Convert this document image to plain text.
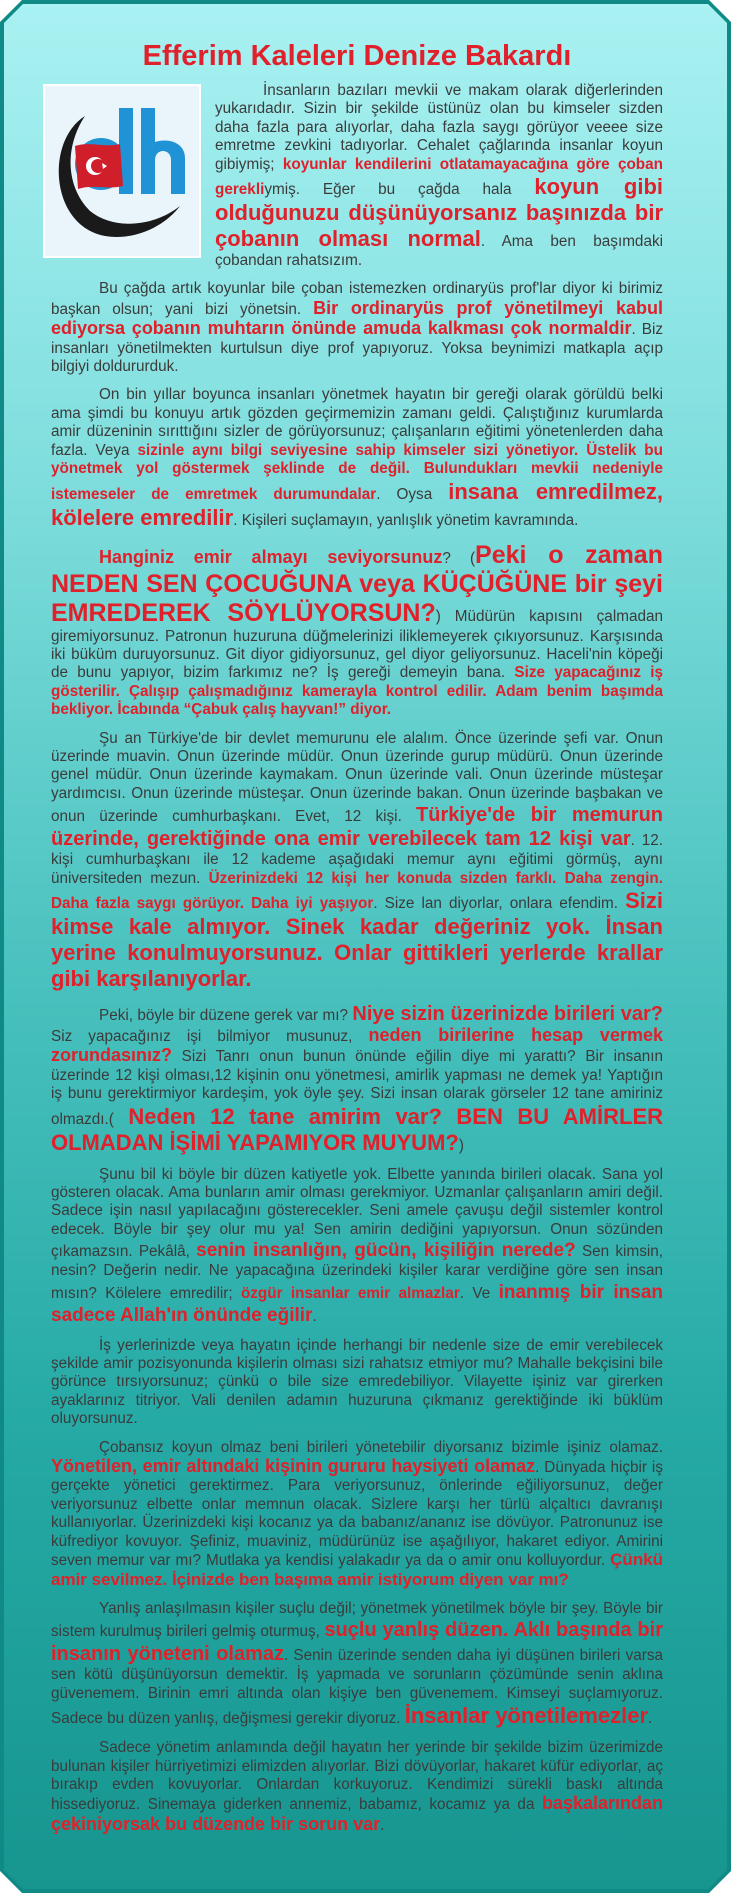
Efferim Kaleleri Denize Bakardı

İnsanların bazıları mevkii ve makam olarak diğerlerinden yukarıdadır. Sizin bir şekilde üstünüz olan bu kimseler sizden daha fazla para alıyorlar, daha fazla saygı görüyor veeee size emretme zevkini tadıyorlar. Cehalet çağlarında insanlar koyun gibiymiş; koyunlar kendilerini otlatamayacağına göre çoban gerekliymiş. Eğer bu çağda hala koyun gibi olduğunuzu düşünüyorsanız başınızda bir çobanın olması normal. Ama ben başımdaki çobandan rahatsızım.

Bu çağda artık koyunlar bile çoban istemezken ordinaryüs prof'lar diyor ki birimiz başkan olsun; yani bizi yönetsin. Bir ordinaryüs prof yönetilmeyi kabul ediyorsa çobanın muhtarın önünde amuda kalkması çok normaldir. Biz insanları yönetilmekten kurtulsun diye prof yapıyoruz. Yoksa beynimizi matkapla açıp bilgiyi doldururduk.

On bin yıllar boyunca insanları yönetmek hayatın bir gereği olarak görüldü belki ama şimdi bu konuyu artık gözden geçirmemizin zamanı geldi. Çalıştığınız kurumlarda amir düzeninin sırıttığını sizler de görüyorsunuz; çalışanların eğitimi yönetenlerden daha fazla. Veya sizinle aynı bilgi seviyesine sahip kimseler sizi yönetiyor. Üstelik bu yönetmek yol göstermek şeklinde de değil. Bulundukları mevkii nedeniyle istemeseler de emretmek durumundalar. Oysa insana emredilmez, kölelere emredilir. Kişileri suçlamayın, yanlışlık yönetim kavramında.

Hanginiz emir almayı seviyorsunuz? (Peki o zaman NEDEN SEN ÇOCUĞUNA veya KÜÇÜĞÜNE bir şeyi EMREDEREK SÖYLÜYORSUN?) Müdürün kapısını çalmadan giremiyorsunuz. Patronun huzuruna düğmelerinizi iliklemeyerek çıkıyorsunuz. Karşısında iki büküm duruyorsunuz. Git diyor gidiyorsunuz, gel diyor geliyorsunuz. Haceli'nin köpeği de bunu yapıyor, bizim farkımız ne? İş gereği demeyin bana. Size yapacağınız iş gösterilir. Çalışıp çalışmadığınız kamerayla kontrol edilir. Adam benim başımda bekliyor. İcabında “Çabuk çalış hayvan!” diyor.

Şu an Türkiye'de bir devlet memurunu ele alalım. Önce üzerinde şefi var. Onun üzerinde muavin. Onun üzerinde müdür. Onun üzerinde gurup müdürü. Onun üzerinde genel müdür. Onun üzerinde kaymakam. Onun üzerinde vali. Onun üzerinde müsteşar yardımcısı. Onun üzerinde müsteşar. Onun üzerinde bakan. Onun üzerinde başbakan ve onun üzerinde cumhurbaşkanı. Evet, 12 kişi. Türkiye'de bir memurun üzerinde, gerektiğinde ona emir verebilecek tam 12 kişi var. 12. kişi cumhurbaşkanı ile 12 kademe aşağıdaki memur aynı eğitimi görmüş, aynı üniversiteden mezun. Üzerinizdeki 12 kişi her konuda sizden farklı. Daha zengin. Daha fazla saygı görüyor. Daha iyi yaşıyor. Size lan diyorlar, onlara efendim. Sizi kimse kale almıyor. Sinek kadar değeriniz yok. İnsan yerine konulmuyorsunuz. Onlar gittikleri yerlerde krallar gibi karşılanıyorlar.

Peki, böyle bir düzene gerek var mı? Niye sizin üzerinizde birileri var? Siz yapacağınız işi bilmiyor musunuz, neden birilerine hesap vermek zorundasınız? Sizi Tanrı onun bunun önünde eğilin diye mi yarattı? Bir insanın üzerinde 12 kişi olması,12 kişinin onu yönetmesi, amirlik yapması ne demek ya! Yaptığın iş bunu gerektirmiyor kardeşim, yok öyle şey. Sizi insan olarak görseler 12 tane amiriniz olmazdı.( Neden 12 tane amirim var? BEN BU AMİRLER OLMADAN İŞİMİ YAPAMIYOR MUYUM?)

Şunu bil ki böyle bir düzen katiyetle yok. Elbette yanında birileri olacak. Sana yol gösteren olacak. Ama bunların amir olması gerekmiyor. Uzmanlar çalışanların amiri değil. Sadece işin nasıl yapılacağını gösterecekler. Seni amele çavuşu değil sistemler kontrol edecek. Böyle bir şey olur mu ya! Sen amirin dediğini yapıyorsun. Onun sözünden çıkamazsın. Pekâlâ, senin insanlığın, gücün, kişiliğin nerede? Sen kimsin, nesin? Değerin nedir. Ne yapacağına üzerindeki kişiler karar verdiğine göre sen insan mısın? Kölelere emredilir; özgür insanlar emir almazlar. Ve inanmış bir insan sadece Allah'ın önünde eğilir.

İş yerlerinizde veya hayatın içinde herhangi bir nedenle size de emir verebilecek şekilde amir pozisyonunda kişilerin olması sizi rahatsız etmiyor mu? Mahalle bekçisini bile görünce tırsıyorsunuz; çünkü o bile size emredebiliyor. Vilayette işiniz var girerken ayaklarınız titriyor. Vali denilen adamın huzuruna çıkmanız gerektiğinde iki büklüm oluyorsunuz.

Çobansız koyun olmaz beni birileri yönetebilir diyorsanız bizimle işiniz olamaz. Yönetilen, emir altındaki kişinin gururu haysiyeti olamaz. Dünyada hiçbir iş gerçekte yönetici gerektirmez. Para veriyorsunuz, önlerinde eğiliyorsunuz, değer veriyorsunuz elbette onlar memnun olacak. Sizlere karşı her türlü alçaltıcı davranışı kullanıyorlar. Üzerinizdeki kişi kocanız ya da babanız/ananız ise dövüyor. Patronunuz ise küfrediyor kovuyor. Şefiniz, muaviniz, müdürünüz ise aşağılıyor, hakaret ediyor. Amirini seven memur var mı? Mutlaka ya kendisi yalakadır ya da o amir onu kolluyordur. Çünkü amir sevilmez. İçinizde ben başıma amir istiyorum diyen var mı?

Yanlış anlaşılmasın kişiler suçlu değil; yönetmek yönetilmek böyle bir şey. Böyle bir sistem kurulmuş birileri gelmiş oturmuş, suçlu yanlış düzen. Aklı başında bir insanın yöneteni olamaz. Senin üzerinde senden daha iyi düşünen birileri varsa sen kötü düşünüyorsun demektir. İş yapmada ve sorunların çözümünde senin aklına güvenemem. Birinin emri altında olan kişiye ben güvenemem. Kimseyi suçlamıyoruz. Sadece bu düzen yanlış, değişmesi gerekir diyoruz. İnsanlar yönetilemezler.

Sadece yönetim anlamında değil hayatın her yerinde bir şekilde bizim üzerimizde bulunan kişiler hürriyetimizi elimizden alıyorlar. Bizi dövüyorlar, hakaret küfür ediyorlar, aç bırakıp evden kovuyorlar. Onlardan korkuyoruz. Kendimizi sürekli baskı altında hissediyoruz. Sinemaya giderken annemiz, babamız, kocamız ya da başkalarından çekiniyorsak bu düzende bir sorun var.
